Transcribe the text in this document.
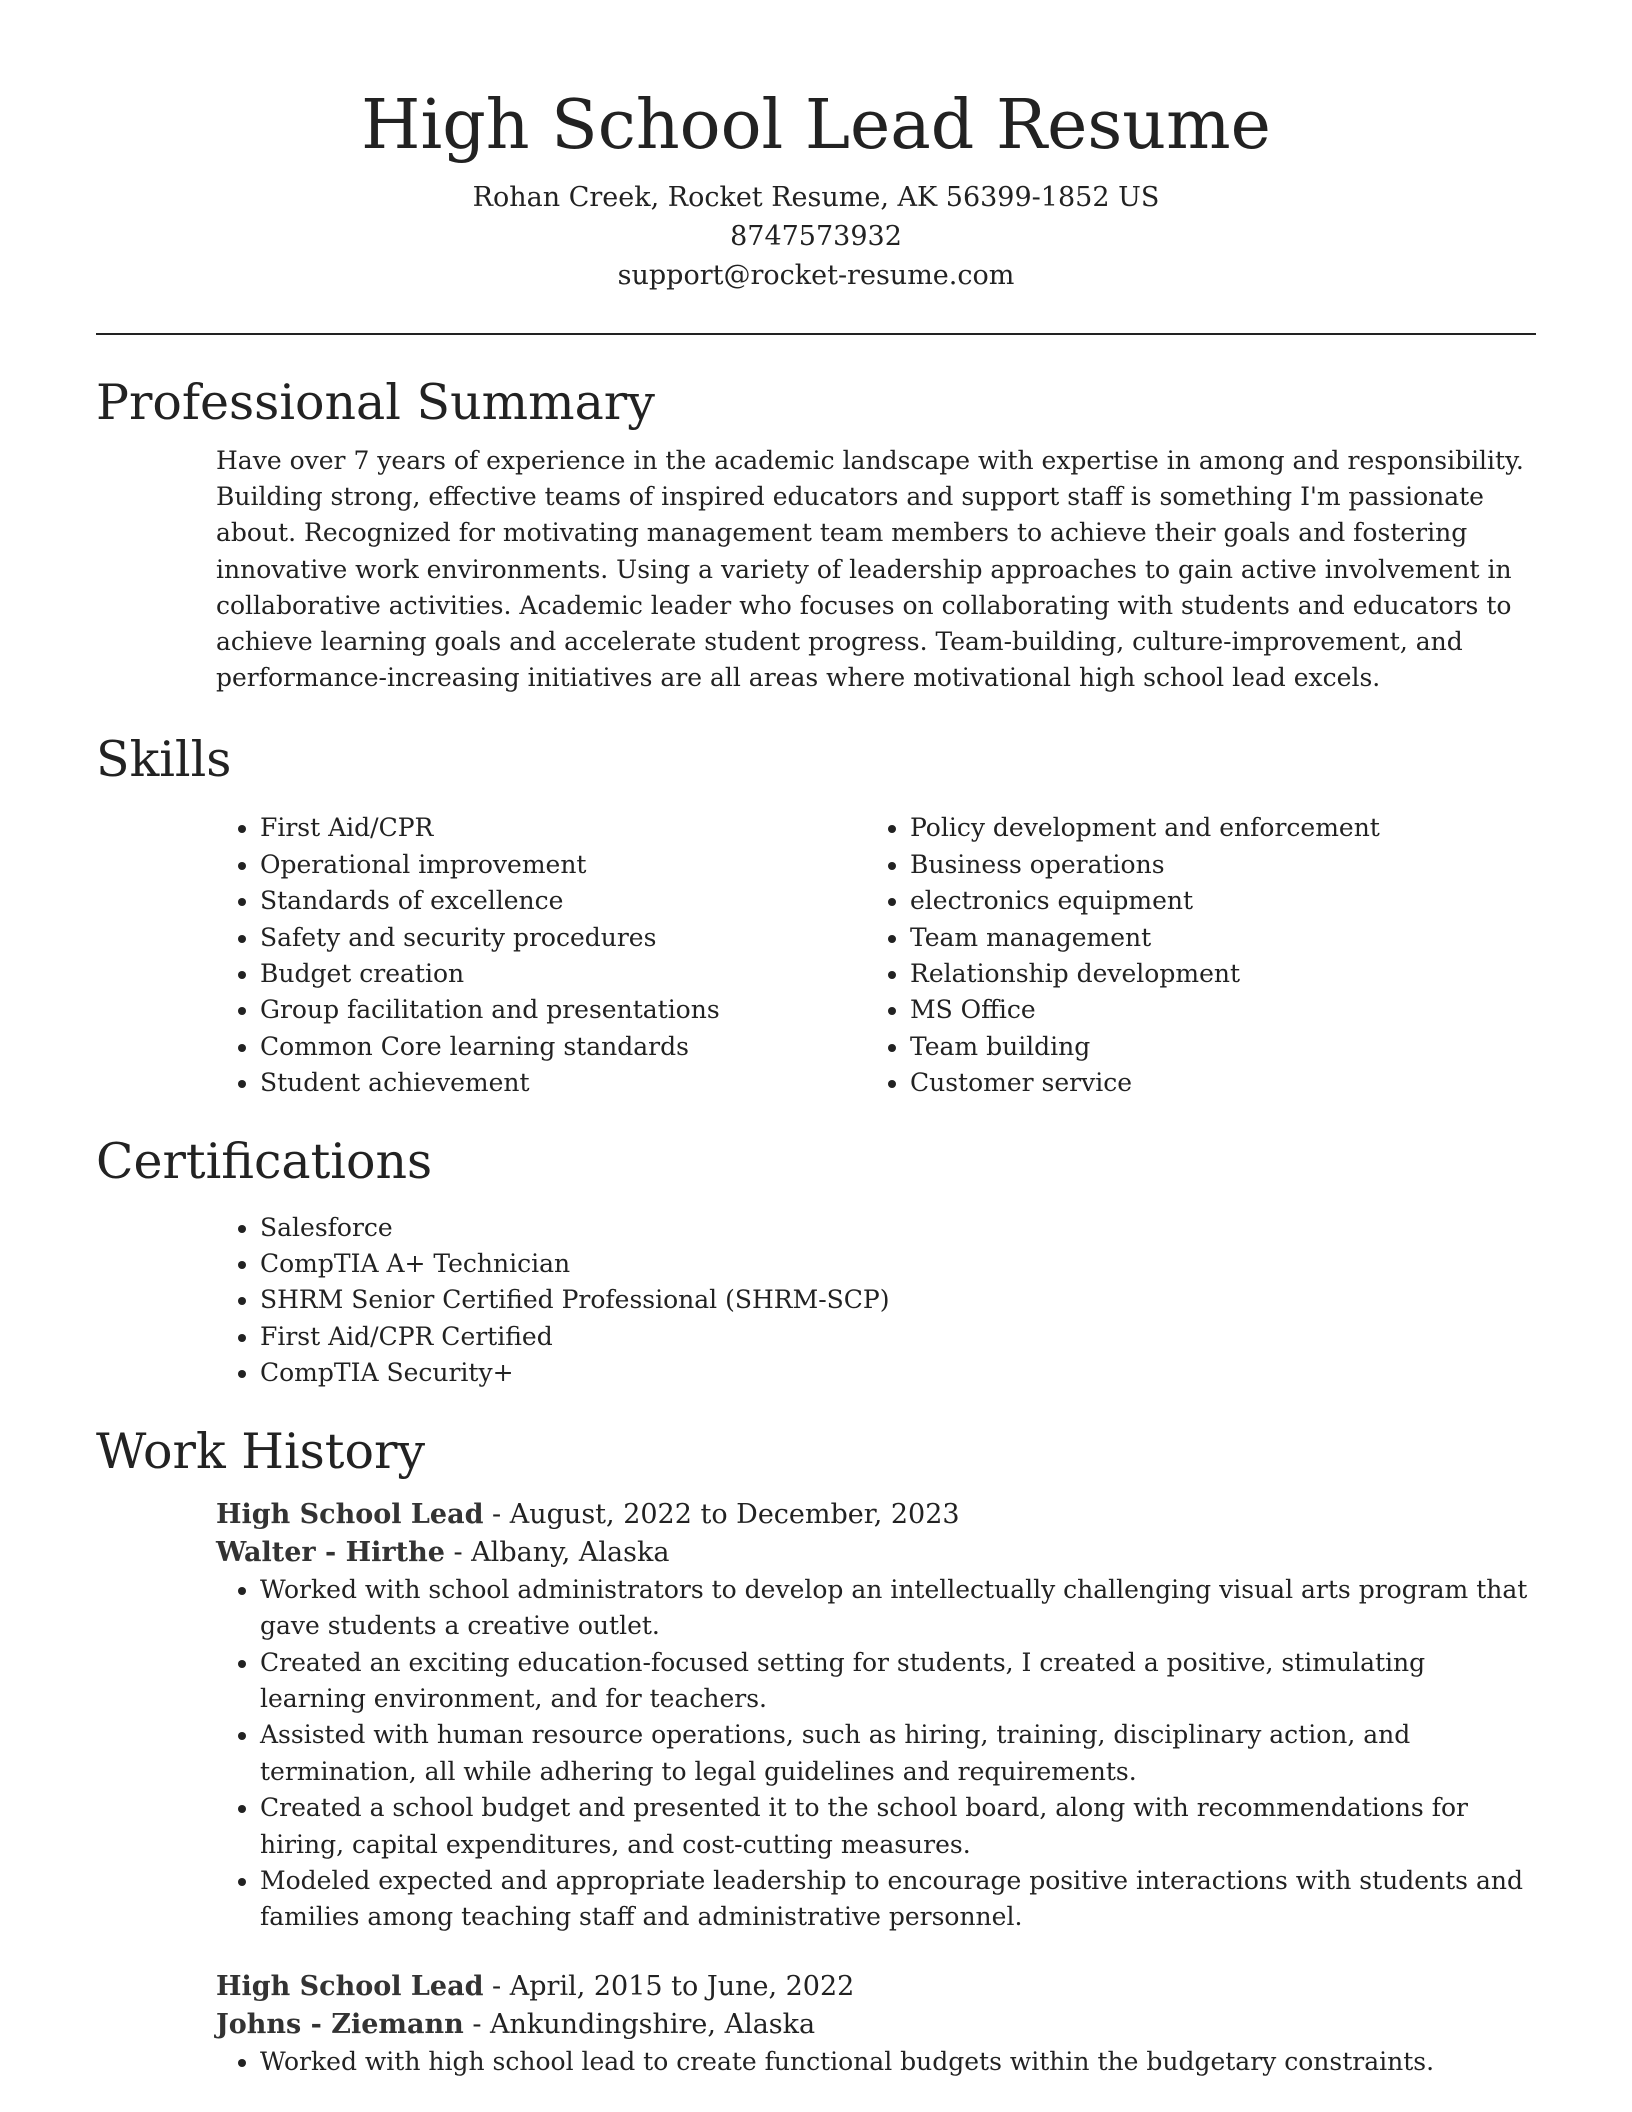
High School Lead Resume

Rohan Creek, Rocket Resume, AK 56399-1852 US

8747573932

support@rocket-resume.com

Professional Summary

Have over 7 years of experience in the academic landscape with expertise in among and responsibility. Building strong, effective teams of inspired educators and support staff is something I'm passionate about. Recognized for motivating management team members to achieve their goals and fostering innovative work environments. Using a variety of leadership approaches to gain active involvement in collaborative activities. Academic leader who focuses on collaborating with students and educators to achieve learning goals and accelerate student progress. Team-building, culture-improvement, and performance-increasing initiatives are all areas where motivational high school lead excels.

Skills
• First Aid/CPR
• Operational improvement
• Standards of excellence
• Safety and security procedures
• Budget creation
• Group facilitation and presentations
• Common Core learning standards
• Student achievement
• Policy development and enforcement
• Business operations
• electronics equipment
• Team management
• Relationship development
• MS Office
• Team building
• Customer service
Certifications
• Salesforce
• CompTIA A+ Technician
• SHRM Senior Certified Professional (SHRM-SCP)
• First Aid/CPR Certified
• CompTIA Security+
Work History

High School Lead - August, 2022 to December, 2023

Walter - Hirthe - Albany, Alaska

• Worked with school administrators to develop an intellectually challenging visual arts program that gave students a creative outlet.
• Created an exciting education-focused setting for students, I created a positive, stimulating learning environment, and for teachers.
• Assisted with human resource operations, such as hiring, training, disciplinary action, and termination, all while adhering to legal guidelines and requirements.
• Created a school budget and presented it to the school board, along with recommendations for hiring, capital expenditures, and cost-cutting measures.
• Modeled expected and appropriate leadership to encourage positive interactions with students and families among teaching staff and administrative personnel.

High School Lead - April, 2015 to June, 2022

Johns - Ziemann - Ankundingshire, Alaska

• Worked with high school lead to create functional budgets within the budgetary constraints.
